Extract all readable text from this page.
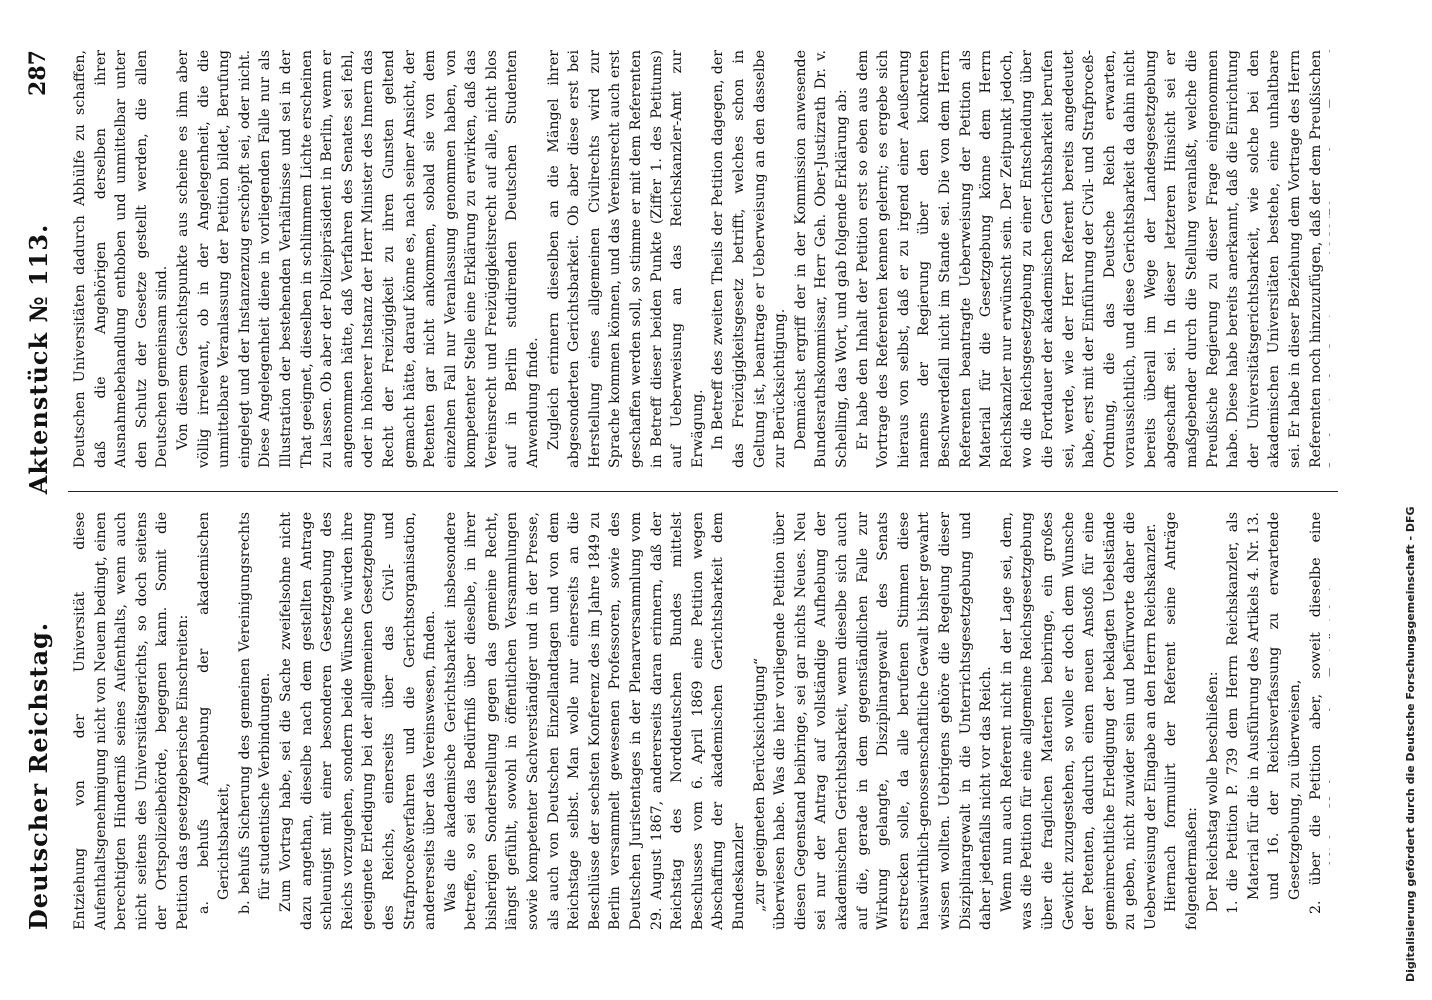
Deutscher Reichstag.
Aktenstück № 113.
287

Entziehung von der Universität diese Aufenthaltsgenehmigung nicht von Neuem bedingt, einen berechtigten Hinderniß seines Aufenthalts, wenn auch nicht seitens des Universitätsgerichts, so doch seitens der Ortspolizeibehörde, begegnen kann. Somit die Petition das gesetzgeberische Einschreiten: a. behufs Aufhebung der akademischen Gerichtsbarkeit, b. behufs Sicherung des gemeinen Vereinigungsrechts für studentische Verbindungen. Zum Vortrag habe, sei die Sache zweifelsohne nicht dazu angethan, dieselbe nach dem gestellten Antrage schleunigst mit einer besonderen Gesetzgebung des Reichs vorzugehen, sondern beide Wünsche würden ihre geeignete Erledigung bei der allgemeinen Gesetzgebung des Reichs, einerseits über das Civil- und Strafproceßverfahren und die Gerichtsorganisation, andererseits über das Vereinswesen, finden. Was die akademische Gerichtsbarkeit insbesondere betreffe, so sei das Bedürfniß über dieselbe, in ihrer bisherigen Sonderstellung gegen das gemeine Recht, längst gefühlt, sowohl in öffentlichen Versammlungen sowie kompetenter Sachverständiger und in der Presse, als auch von Deutschen Einzellandtagen und von dem Reichstage selbst. Man wolle nur einerseits an die Beschlüsse der sechsten Konferenz des im Jahre 1849 zu Berlin versammelt gewesenen Professoren, sowie des Deutschen Juristentages in der Plenarversammlung vom 29. August 1867, andererseits daran erinnern, daß der Reichstag des Norddeutschen Bundes mittelst Beschlusses vom 6. April 1869 eine Petition wegen Abschaffung der akademischen Gerichtsbarkeit dem Bundeskanzler „zur geeigneten Berücksichtigung“ überwiesen habe. Was die hier vorliegende Petition über diesen Gegenstand beibringe, sei gar nichts Neues. Neu sei nur der Antrag auf vollständige Aufhebung der akademischen Gerichtsbarkeit, wenn dieselbe sich auch auf die, gerade in dem gegenständlichen Falle zur Wirkung gelangte, Disziplinargewalt des Senats erstrecken solle, da alle berufenen Stimmen diese hauswirthlich-genossenschaftliche Gewalt bisher gewahrt wissen wollten. Uebrigens gehöre die Regelung dieser Disziplinargewalt in die Unterrichtsgesetzgebung und daher jedenfalls nicht vor das Reich. Wenn nun auch Referent nicht in der Lage sei, dem, was die Petition für eine allgemeine Reichsgesetzgebung über die fraglichen Materien beibringe, ein großes Gewicht zuzugestehen, so wolle er doch dem Wunsche der Petenten, dadurch einen neuen Anstoß für eine gemeinrechtliche Erledigung der beklagten Uebelstände zu geben, nicht zuwider sein und befürworte daher die Ueberweisung der Eingabe an den Herrn Reichskanzler. Hiernach formulirt der Referent seine Anträge folgendermaßen: Der Reichstag wolle beschließen: 1. die Petition P. 739 dem Herrn Reichskanzler, als Material für die in Ausführung des Artikels 4. Nr. 13. und 16. der Reichsverfassung zu erwartende Gesetzgebung, zu überweisen,

2. über die Petition aber, soweit dieselbe eine

Deutschen Universitäten dadurch Abhülfe zu schaffen, daß die Angehörigen derselben ihrer Ausnahmebehandlung enthoben und unmittelbar unter den Schutz der Gesetze gestellt werden, die allen Deutschen gemeinsam sind. Von diesem Gesichtspunkte aus scheine es ihm aber völlig irrelevant, ob in der Angelegenheit, die die unmittelbare Veranlassung der Petition bildet, Berufung eingelegt und der Instanzenzug erschöpft sei, oder nicht. Diese Angelegenheit diene in vorliegenden Falle nur als Illustration der bestehenden Verhältnisse und sei in der That geeignet, dieselben in schlimmem Lichte erscheinen zu lassen. Ob aber der Polizeipräsident in Berlin, wenn er angenommen hätte, daß Verfahren des Senates sei fehl, oder in höherer Instanz der Herr Minister des Innern das Recht der Freizügigkeit zu ihren Gunsten geltend gemacht hätte, darauf könne es, nach seiner Ansicht, der Petenten gar nicht ankommen, sobald sie von dem einzelnen Fall nur Veranlassung genommen haben, von kompetenter Stelle eine Erklärung zu erwirken, daß das Vereinsrecht und Freizügigkeitsrecht auf alle, nicht blos auf in Berlin studirenden Deutschen Studenten Anwendung finde. Zugleich erinnern dieselben an die Mängel ihrer abgesonderten Gerichtsbarkeit. Ob aber diese erst bei Herstellung eines allgemeinen Civilrechts wird zur Sprache kommen können, und das Vereinsrecht auch erst geschaffen werden soll, so stimme er mit dem Referenten in Betreff dieser beiden Punkte (Ziffer 1. des Petitums) auf Ueberweisung an das Reichskanzler-Amt zur Erwägung. In Betreff des zweiten Theils der Petition dagegen, der das Freizügigkeitsgesetz betrifft, welches schon in Geltung ist, beantrage er Ueberweisung an den dasselbe zur Berücksichtigung. Demnächst ergriff der in der Kommission anwesende Bundesrathskommissar, Herr Geh. Ober-Justizrath Dr. v. Schelling, das Wort, und gab folgende Erklärung ab: Er habe den Inhalt der Petition erst so eben aus dem Vortrage des Referenten kennen gelernt; es ergebe sich hieraus von selbst, daß er zu irgend einer Aeußerung namens der Regierung über den konkreten Beschwerdefall nicht im Stande sei. Die von dem Herrn Referenten beantragte Ueberweisung der Petition als Material für die Gesetzgebung könne dem Herrn Reichskanzler nur erwünscht sein. Der Zeitpunkt jedoch, wo die Reichsgesetzgebung zu einer Entscheidung über die Fortdauer der akademischen Gerichtsbarkeit berufen sei, werde, wie der Herr Referent bereits angedeutet habe, erst mit der Einführung der Civil- und Strafproceß-Ordnung, die das Deutsche Reich erwarten, voraussichtlich, und diese Gerichtsbarkeit da dahin nicht bereits überall im Wege der Landesgesetzgebung abgeschafft sei. In dieser letzteren Hinsicht sei er maßgebender durch die Stellung veranlaßt, welche die Preußische Regierung zu dieser Frage eingenommen habe. Diese habe bereits anerkannt, daß die Einrichtung der Universitätsgerichtsbarkeit, wie solche bei den akademischen Universitäten bestehe, eine unhaltbare sei. Er habe in dieser Beziehung dem Vortrage des Herrn Referenten noch hinzuzufügen, daß der dem Preußischen

Digitalisierung gefördert durch die Deutsche Forschungsgemeinschaft - DFG
